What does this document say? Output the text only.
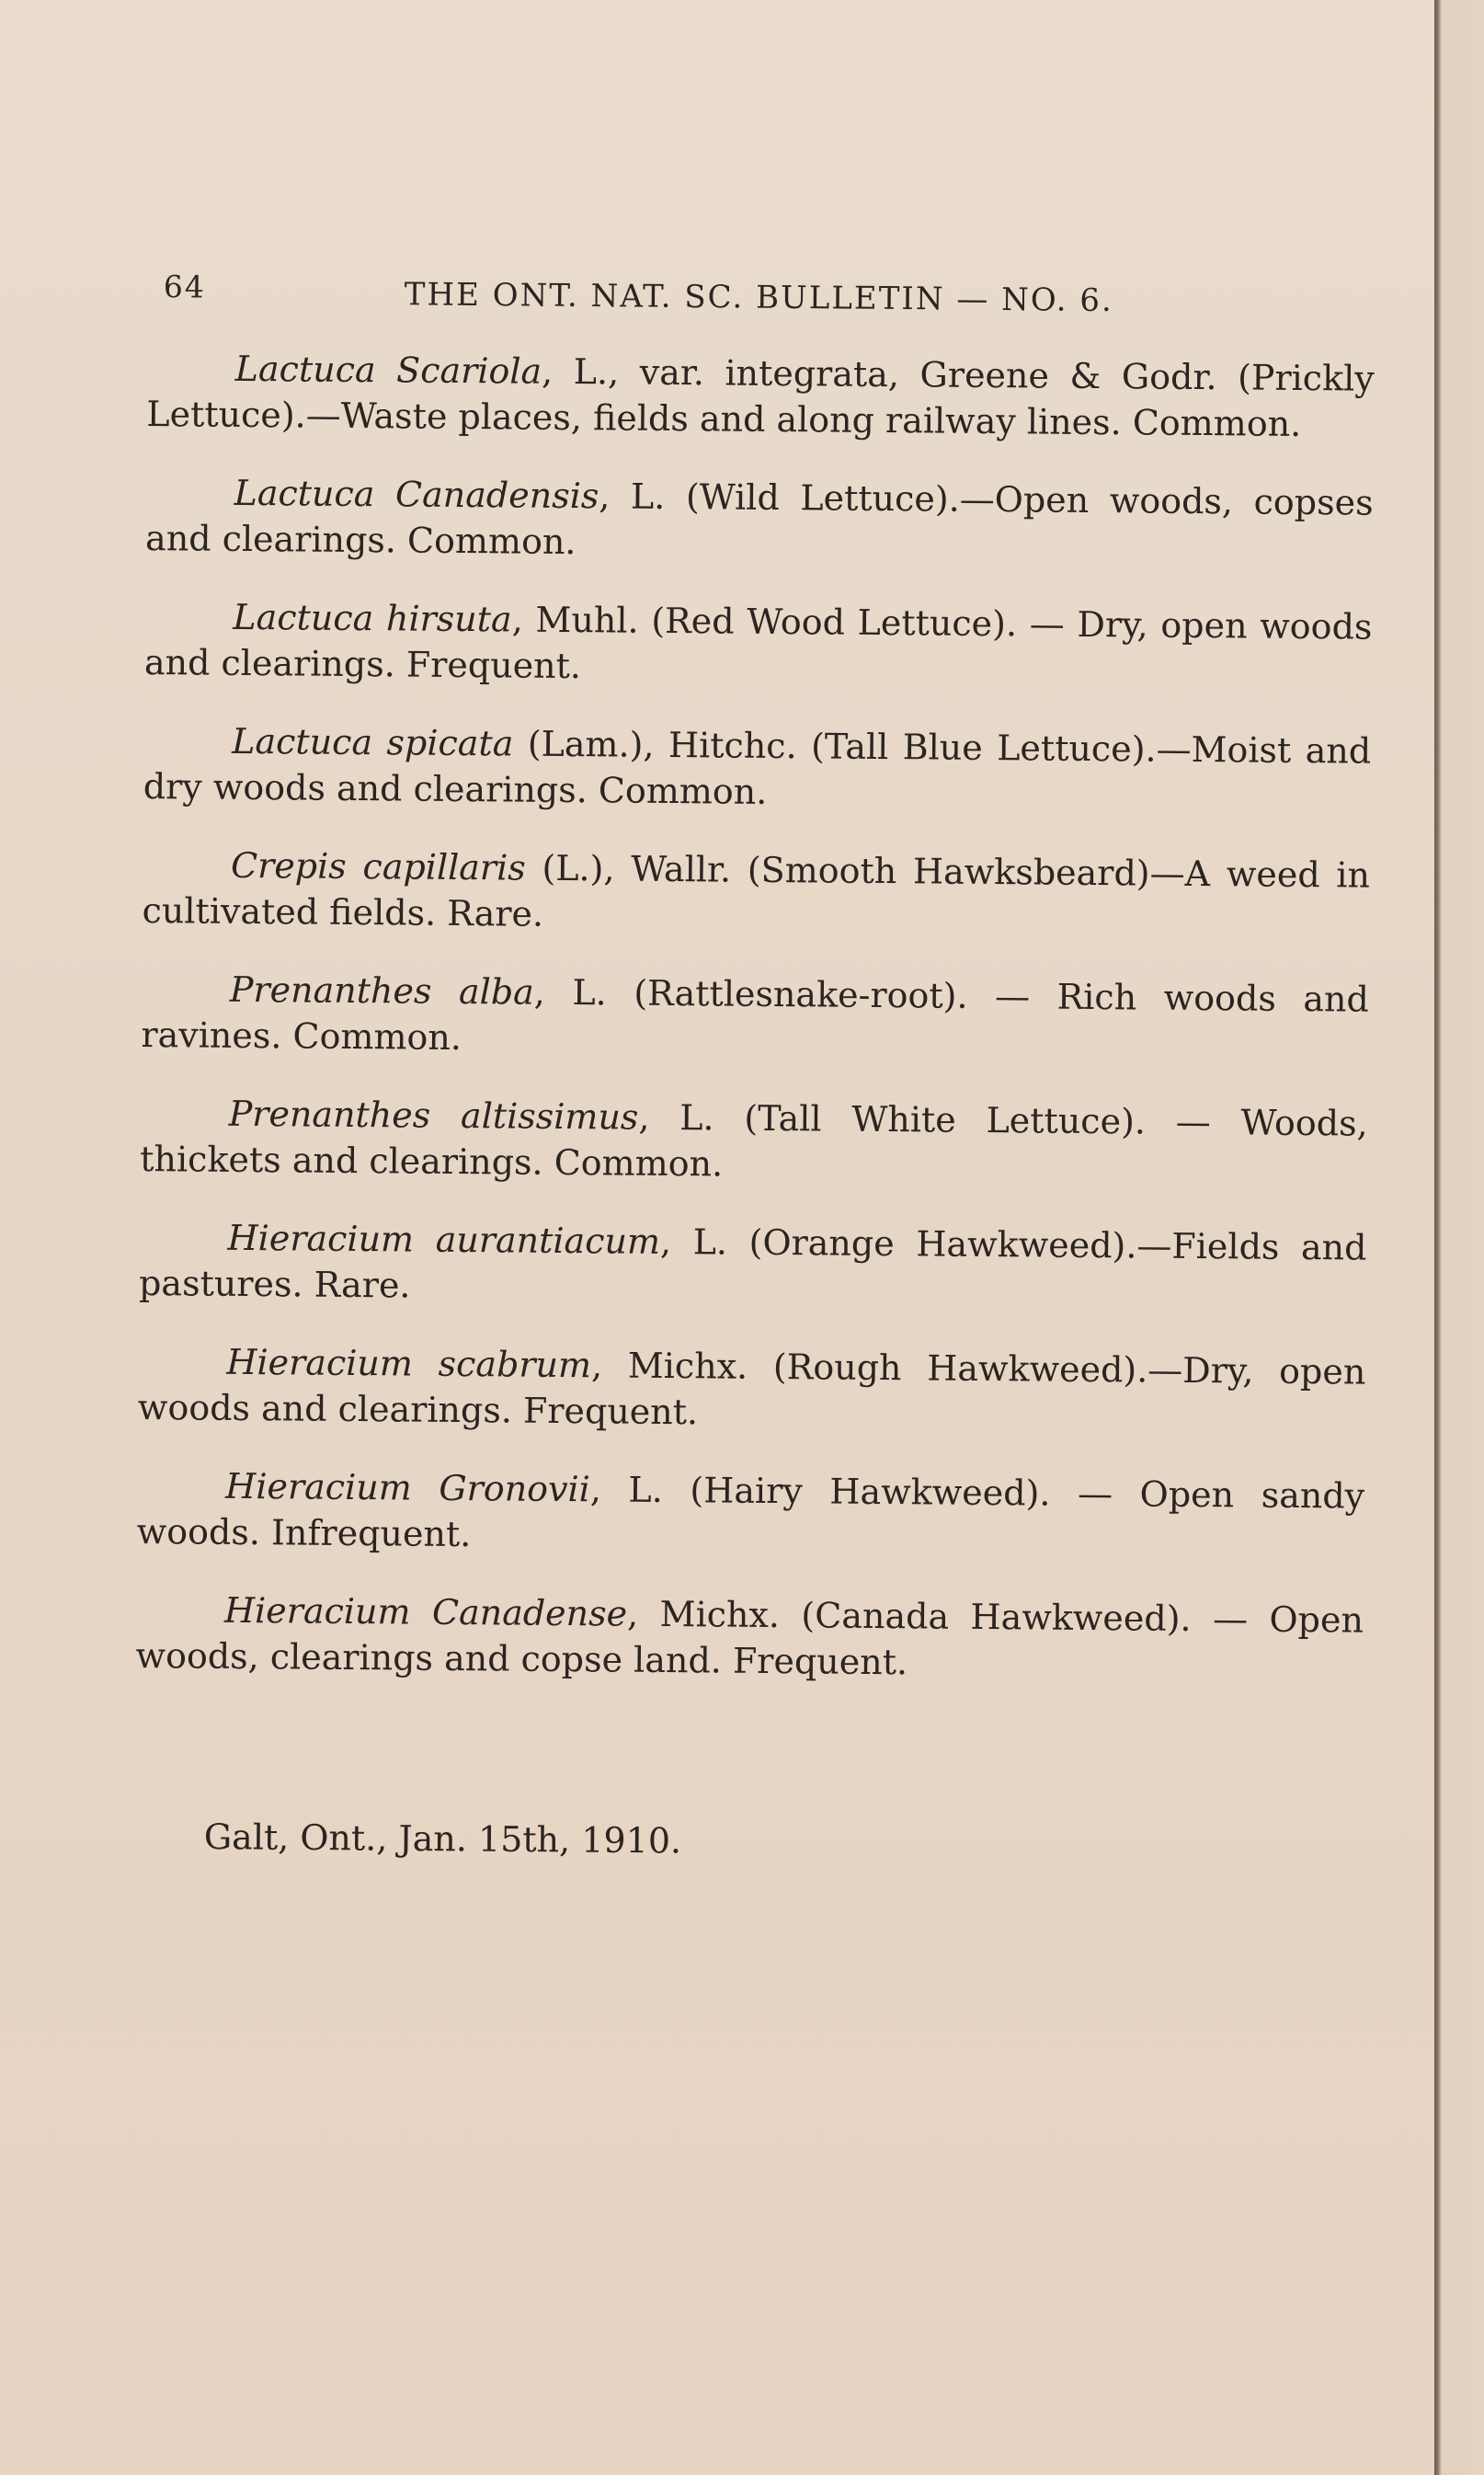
64	THE ONT. NAT. SC. BULLETIN — NO. 6.

Lactuca Scariola, L., var. integrata, Greene & Godr. (Prickly Lettuce).—Waste places, fields and along railway lines. Common.

Lactuca Canadensis, L. (Wild Lettuce).—Open woods, copses and clearings. Common.

Lactuca hirsuta, Muhl. (Red Wood Lettuce). — Dry, open woods and clearings. Frequent.

Lactuca spicata (Lam.), Hitchc. (Tall Blue Lettuce).—Moist and dry woods and clearings. Common.

Crepis capillaris (L.), Wallr. (Smooth Hawksbeard)—A weed in cultivated fields. Rare.

Prenanthes alba, L. (Rattlesnake-root). — Rich woods and ravines. Common.

Prenanthes altissimus, L. (Tall White Lettuce). — Woods, thickets and clearings. Common.

Hieracium aurantiacum, L. (Orange Hawkweed).—Fields and pastures. Rare.

Hieracium scabrum, Michx. (Rough Hawkweed).—Dry, open woods and clearings. Frequent.

Hieracium Gronovii, L. (Hairy Hawkweed). — Open sandy woods. Infrequent.

Hieracium Canadense, Michx. (Canada Hawkweed). — Open woods, clearings and copse land. Frequent.

Galt, Ont., Jan. 15th, 1910.
